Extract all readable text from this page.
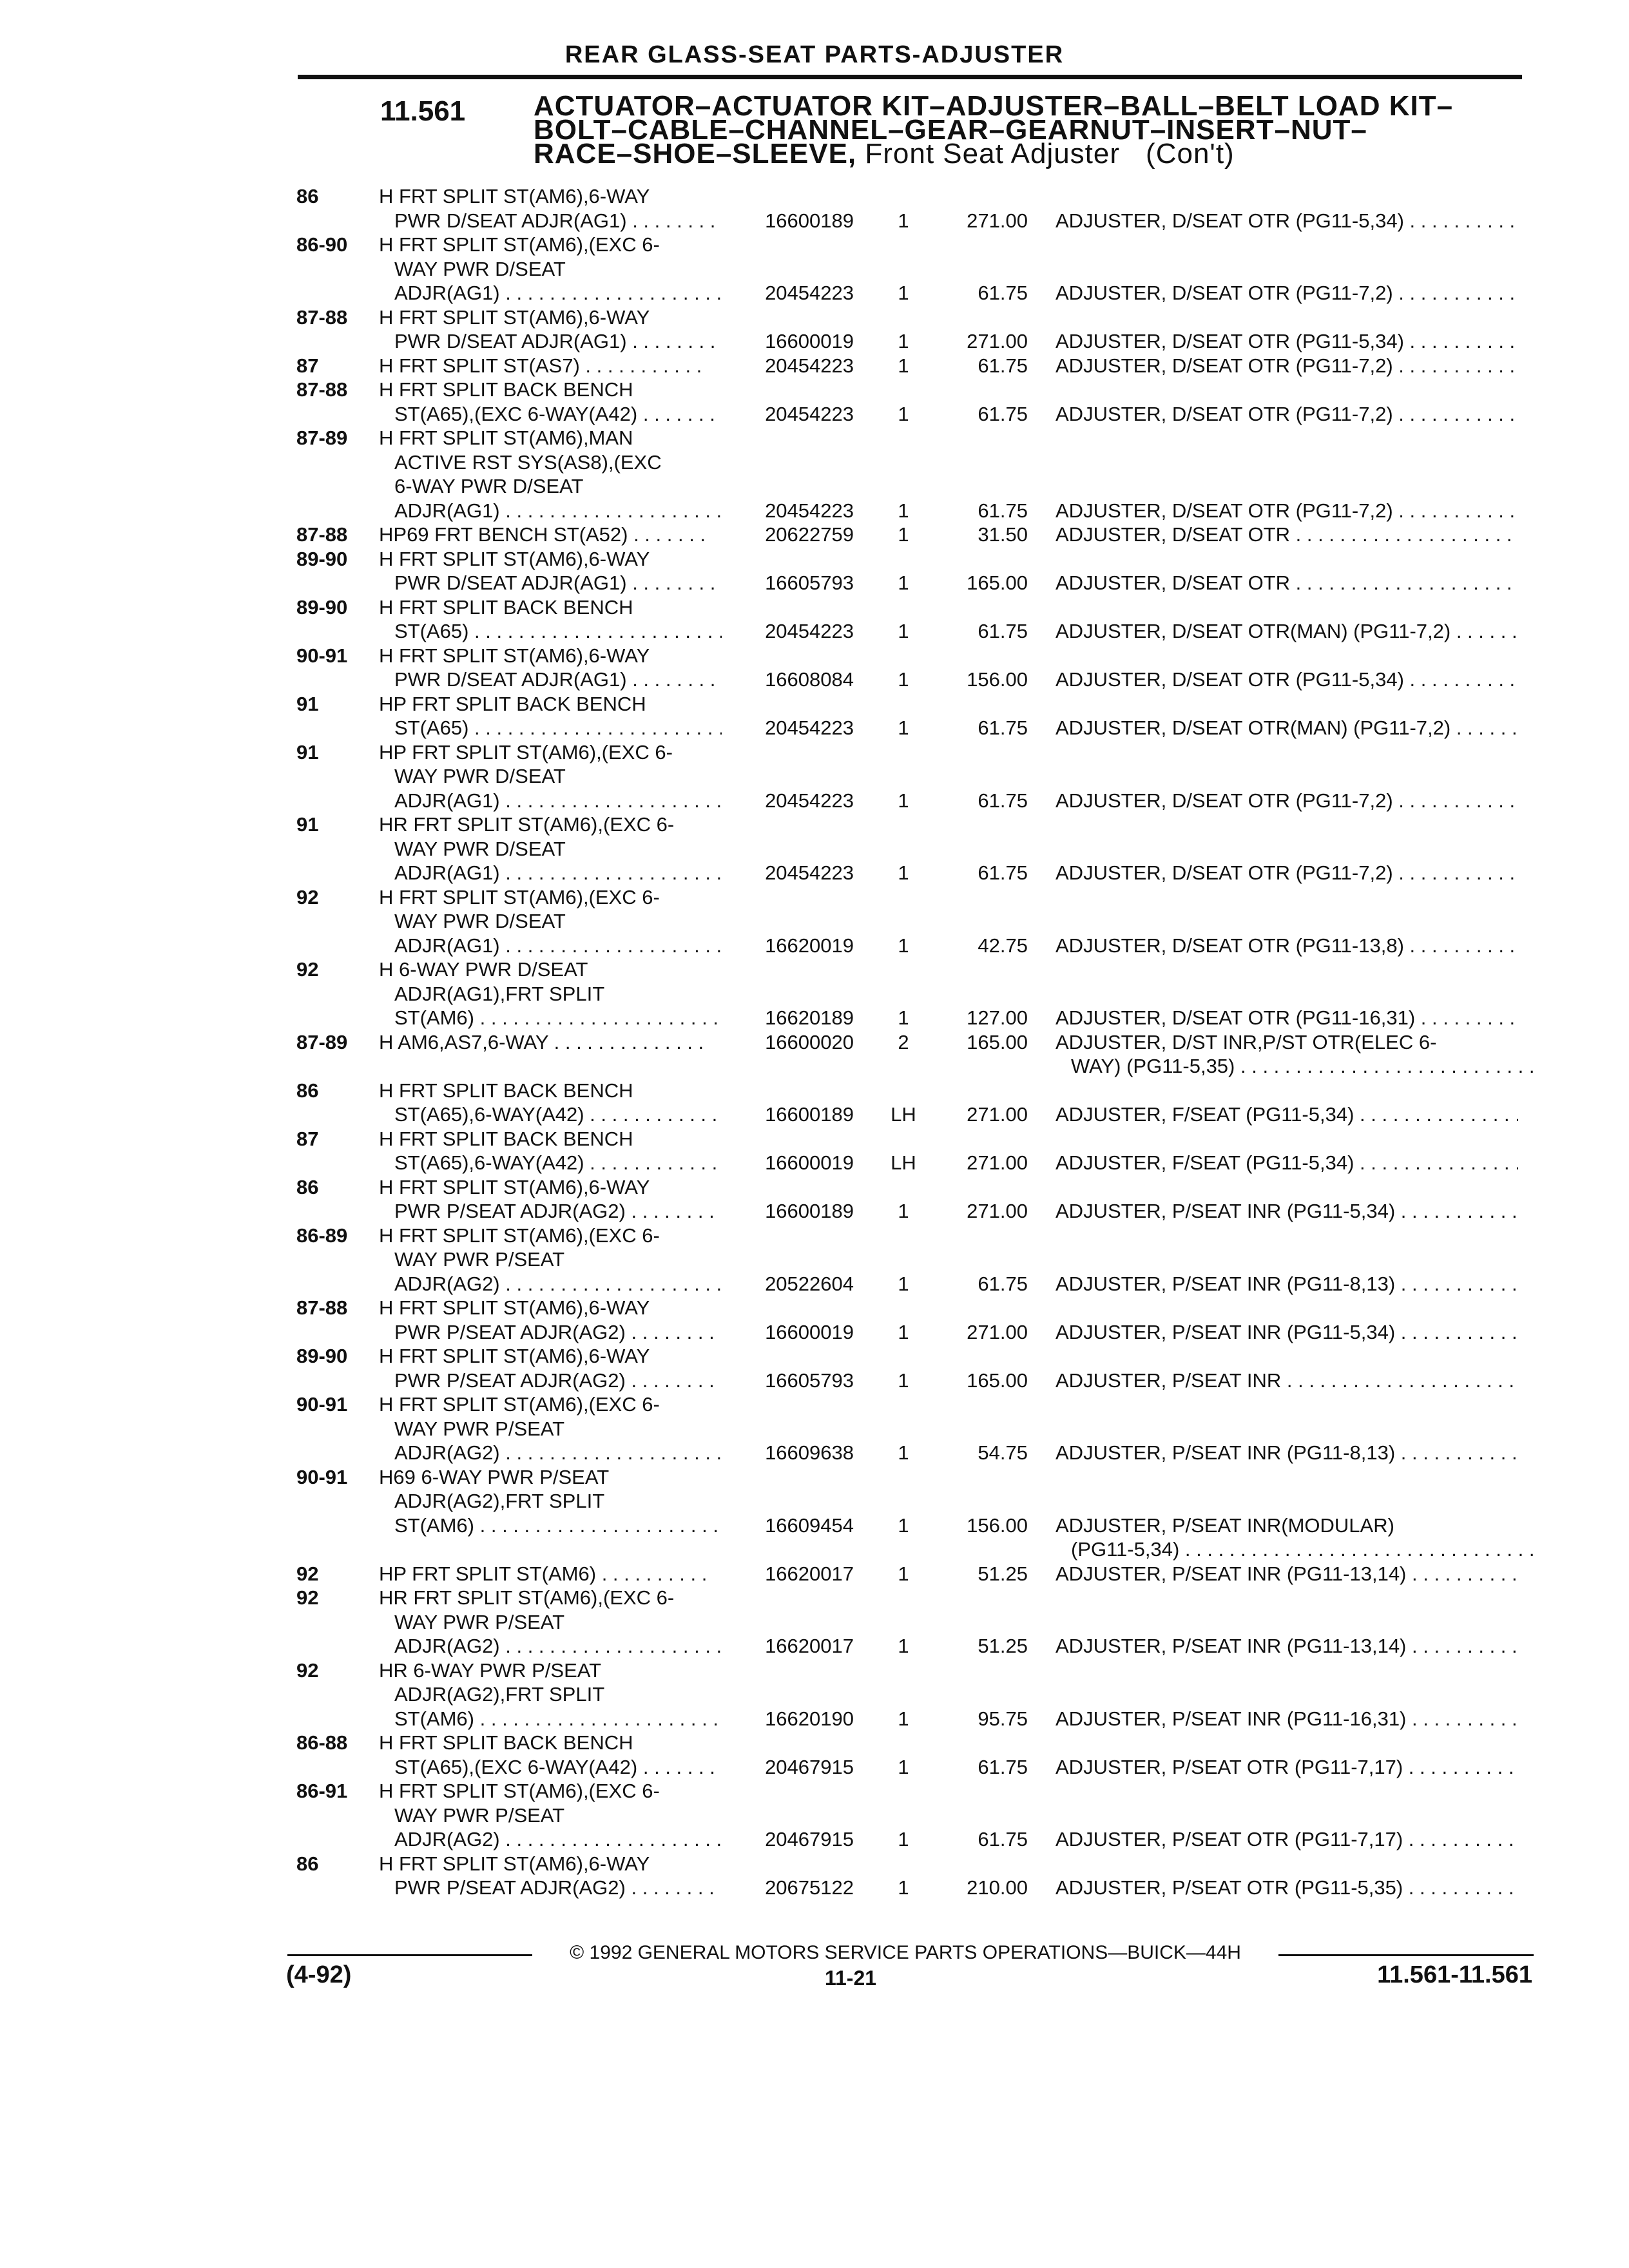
REAR GLASS-SEAT PARTS-ADJUSTER
11.561 ACTUATOR–ACTUATOR KIT–ADJUSTER–BALL–BELT LOAD KIT–
BOLT–CABLE–CHANNEL–GEAR–GEARNUT–INSERT–NUT–
RACE–SHOE–SLEEVE, Front Seat Adjuster (Con't)
86	H FRT SPLIT ST(AM6),6-WAY
PWR D/SEAT ADJR(AG1) . . .	16600189	1	271.00 ADJUSTER, D/SEAT OTR (PG11-5,34) . . .
86-90	H FRT SPLIT ST(AM6),(EXC 6-
WAY PWR D/SEAT
ADJR(AG1) . . .	20454223	1	61.75 ADJUSTER, D/SEAT OTR (PG11-7,2) . . .
87-88	H FRT SPLIT ST(AM6),6-WAY
PWR D/SEAT ADJR(AG1) . . .	16600019	1	271.00 ADJUSTER, D/SEAT OTR (PG11-5,34) . . .
87	H FRT SPLIT ST(AS7) . . .	20454223	1	61.75 ADJUSTER, D/SEAT OTR (PG11-7,2) . . .
87-88	H FRT SPLIT BACK BENCH
ST(A65),(EXC 6-WAY(A42) . . .	20454223	1	61.75 ADJUSTER, D/SEAT OTR (PG11-7,2) . . .
87-89	H FRT SPLIT ST(AM6),MAN
ACTIVE RST SYS(AS8),(EXC
6-WAY PWR D/SEAT
ADJR(AG1) . . .	20454223	1	61.75 ADJUSTER, D/SEAT OTR (PG11-7,2) . . .
87-88	HP69 FRT BENCH ST(A52) . . .	20622759	1	31.50 ADJUSTER, D/SEAT OTR . . .
89-90	H FRT SPLIT ST(AM6),6-WAY
PWR D/SEAT ADJR(AG1) . . .	16605793	1	165.00 ADJUSTER, D/SEAT OTR . . .
89-90	H FRT SPLIT BACK BENCH
ST(A65) . . .	20454223	1	61.75 ADJUSTER, D/SEAT OTR(MAN) (PG11-7,2) . . .
90-91	H FRT SPLIT ST(AM6),6-WAY
PWR D/SEAT ADJR(AG1) . . .	16608084	1	156.00 ADJUSTER, D/SEAT OTR (PG11-5,34) . . .
91	HP FRT SPLIT BACK BENCH
ST(A65) . . .	20454223	1	61.75 ADJUSTER, D/SEAT OTR(MAN) (PG11-7,2) . . .
91	HP FRT SPLIT ST(AM6),(EXC 6-
WAY PWR D/SEAT
ADJR(AG1) . . .	20454223	1	61.75 ADJUSTER, D/SEAT OTR (PG11-7,2) . . .
91	HR FRT SPLIT ST(AM6),(EXC 6-
WAY PWR D/SEAT
ADJR(AG1) . . .	20454223	1	61.75 ADJUSTER, D/SEAT OTR (PG11-7,2) . . .
92	H FRT SPLIT ST(AM6),(EXC 6-
WAY PWR D/SEAT
ADJR(AG1) . . .	16620019	1	42.75 ADJUSTER, D/SEAT OTR (PG11-13,8) . . .
92	H 6-WAY PWR D/SEAT
ADJR(AG1),FRT SPLIT
ST(AM6) . . .	16620189	1	127.00 ADJUSTER, D/SEAT OTR (PG11-16,31) . . .
87-89	H AM6,AS7,6-WAY . . .	16600020	2	165.00 ADJUSTER, D/ST INR,P/ST OTR(ELEC 6-
WAY) (PG11-5,35) . . .
86	H FRT SPLIT BACK BENCH
ST(A65),6-WAY(A42) . . .	16600189	LH	271.00 ADJUSTER, F/SEAT (PG11-5,34) . . .
87	H FRT SPLIT BACK BENCH
ST(A65),6-WAY(A42) . . .	16600019	LH	271.00 ADJUSTER, F/SEAT (PG11-5,34) . . .
86	H FRT SPLIT ST(AM6),6-WAY
PWR P/SEAT ADJR(AG2) . . .	16600189	1	271.00 ADJUSTER, P/SEAT INR (PG11-5,34) . . .
86-89	H FRT SPLIT ST(AM6),(EXC 6-
WAY PWR P/SEAT
ADJR(AG2) . . .	20522604	1	61.75 ADJUSTER, P/SEAT INR (PG11-8,13) . . .
87-88	H FRT SPLIT ST(AM6),6-WAY
PWR P/SEAT ADJR(AG2) . . .	16600019	1	271.00 ADJUSTER, P/SEAT INR (PG11-5,34) . . .
89-90	H FRT SPLIT ST(AM6),6-WAY
PWR P/SEAT ADJR(AG2) . . .	16605793	1	165.00 ADJUSTER, P/SEAT INR . . .
90-91	H FRT SPLIT ST(AM6),(EXC 6-
WAY PWR P/SEAT
ADJR(AG2) . . .	16609638	1	54.75 ADJUSTER, P/SEAT INR (PG11-8,13) . . .
90-91	H69 6-WAY PWR P/SEAT
ADJR(AG2),FRT SPLIT
ST(AM6) . . .	16609454	1	156.00 ADJUSTER, P/SEAT INR(MODULAR)
(PG11-5,34) . . .
92	HP FRT SPLIT ST(AM6) . . .	16620017	1	51.25 ADJUSTER, P/SEAT INR (PG11-13,14) . . .
92	HR FRT SPLIT ST(AM6),(EXC 6-
WAY PWR P/SEAT
ADJR(AG2) . . .	16620017	1	51.25 ADJUSTER, P/SEAT INR (PG11-13,14) . . .
92	HR 6-WAY PWR P/SEAT
ADJR(AG2),FRT SPLIT
ST(AM6) . . .	16620190	1	95.75 ADJUSTER, P/SEAT INR (PG11-16,31) . . .
86-88	H FRT SPLIT BACK BENCH
ST(A65),(EXC 6-WAY(A42) . . .	20467915	1	61.75 ADJUSTER, P/SEAT OTR (PG11-7,17) . . .
86-91	H FRT SPLIT ST(AM6),(EXC 6-
WAY PWR P/SEAT
ADJR(AG2) . . .	20467915	1	61.75 ADJUSTER, P/SEAT OTR (PG11-7,17) . . .
86	H FRT SPLIT ST(AM6),6-WAY
PWR P/SEAT ADJR(AG2) . . .	20675122	1	210.00 ADJUSTER, P/SEAT OTR (PG11-5,35) . . .
© 1992 GENERAL MOTORS SERVICE PARTS OPERATIONS—BUICK—44H
(4-92)	11-21	11.561-11.561
